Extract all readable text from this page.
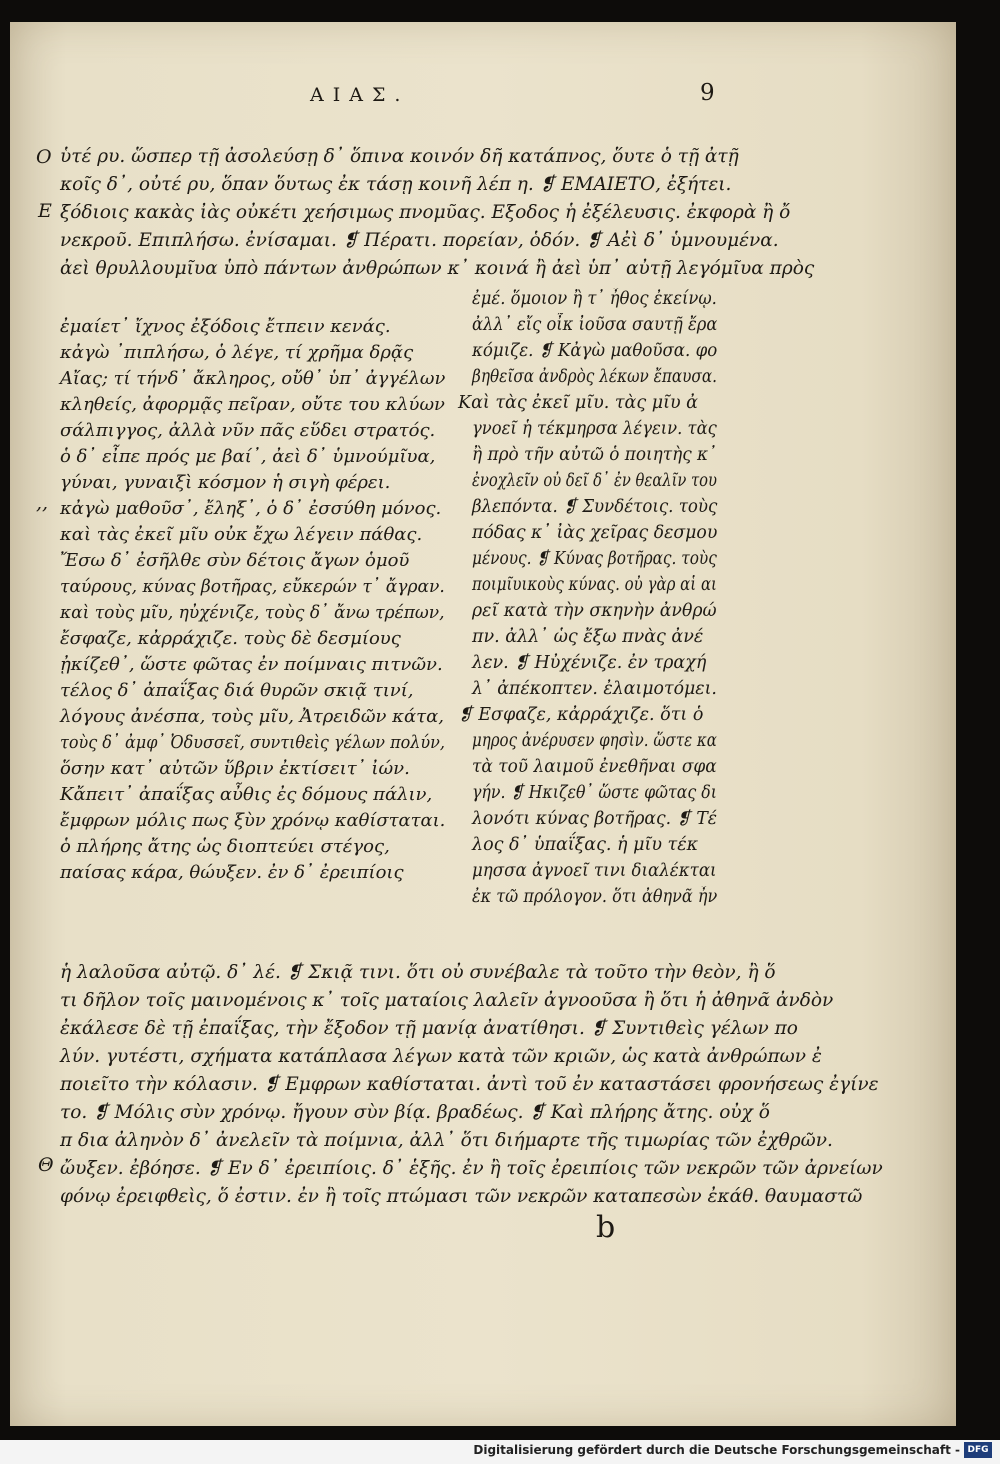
ΑΙΑΣ.	9
Ο
Ε
,,
Θ
ὑτέ ρυ. ὥσπερ τῇ ἀσολεύσῃ δ᾽ ὅπινα κοινόν δῆ κατάπνος, ὅυτε ὁ τῇ ἀτῇ
κοῖς δ᾽, οὐτέ ρυ, ὅπαν ὅυτως ἐκ τάσῃ κοινῆ λέπ η. ❡ ΕΜΑΙΕΤΟ, ἐξήτει.
ξόδιοις κακὰς ἰὰς οὐκέτι χεήσιμως πνομῦας. Εξοδος ἡ ἐξέλευσις. ἐκφορὰ ἢ ὄ
νεκροῦ. Επιπλήσω. ἐνίσαμαι. ❡ Πέρατι. πορείαν, ὁδόν. ❡ Αἐὶ δ᾽ ὑμνουμένα.
ἀεὶ θρυλλουμῖυα ὑπὸ πάντων ἀνθρώπων κ᾽ κοινά ἢ ἀεὶ ὑπ᾽ αὐτῇ λεγόμῖυα πρὸς
ἐμαίετ᾽ ἴχνος ἐξόδοις ἔτπειν κενάς.
κἀγὼ ᾽πιπλήσω, ὁ λέγε, τί χρῆμα δρᾷς
Αἴας; τί τήνδ᾽ ἄκληρος, οὔθ᾽ ὑπ᾽ ἀγγέλων
κληθείς, ἀφορμᾷς πεῖραν, οὔτε του κλύων
σάλπιγγος, ἀλλὰ νῦν πᾶς εὕδει στρατός.
ὁ δ᾽ εἶπε πρός με βαί᾽, ἀεὶ δ᾽ ὑμνούμῖυα,
γύναι, γυναιξὶ κόσμον ἡ σιγὴ φέρει.
κἀγὼ μαθοῦσ᾽, ἔληξ᾽, ὁ δ᾽ ἐσσύθη μόνος.
καὶ τὰς ἐκεῖ μῖυ οὐκ ἔχω λέγειν πάθας.
Ἔσω δ᾽ ἐσῆλθε σὺν δέτοις ἄγων ὁμοῦ
ταύρους, κύνας βοτῆρας, εὔκερών τ᾽ ἄγραν.
καὶ τοὺς μῖυ, ηὐχένιζε, τοὺς δ᾽ ἄνω τρέπων,
ἔσφαζε, κἀρράχιζε. τοὺς δὲ δεσμίους
ᾐκίζεθ᾽, ὥστε φῶτας ἐν ποίμναις πιτνῶν.
τέλος δ᾽ ἀπαΐξας διά θυρῶν σκιᾷ τινί,
λόγους ἀνέσπα, τοὺς μῖυ, Ἀτρειδῶν κάτα,
τοὺς δ᾽ ἀμφ᾽ Ὀδυσσεῖ, συντιθεὶς γέλων πολύν,
ὅσην κατ᾽ αὐτῶν ὕβριν ἐκτίσειτ᾽ ἰών.
Κἄπειτ᾽ ἀπαΐξας αὖθις ἐς δόμους πάλιν,
ἔμφρων μόλις πως ξὺν χρόνῳ καθίσταται.
ὁ πλήρης ἄτης ὡς διοπτεύει στέγος,
παίσας κάρα, θώυξεν. ἐν δ᾽ ἐρειπίοις
ἐμέ. ὅμοιον ἢ τ᾽ ἦθος ἐκείνῳ.
ἀλλ᾽ εἴς οἶκ ἰοῦσα σαυτῇ ἔρα
κόμιζε. ❡ Κἀγὼ μαθοῦσα. φο
βηθεῖσα ἀνδρὸς λέκων ἔπαυσα.
Καὶ τὰς ἐκεῖ μῖυ. τὰς μῖυ ἀ
γνοεῖ ἡ τέκμηρσα λέγειν. τὰς
ἢ πρὸ τῆν αὐτῶ ὁ ποιητὴς κ᾽
ἐνοχλεῖν οὐ δεῖ δ᾽ ἐν θεαλῖν του
βλεπόντα. ❡ Συνδέτοις. τοὺς
πόδας κ᾽ ἰὰς χεῖρας δεσμου
μένους. ❡ Κύνας βοτῆρας. τοὺς
ποιμῖυικοὺς κύνας. οὐ γὰρ αἱ αι
ρεῖ κατὰ τὴν σκηνὴν ἀνθρώ
πν. ἀλλ᾽ ὡς ἔξω πνὰς ἀνέ
λεν. ❡ Ηὐχένιζε. ἐν τραχή
λ᾽ ἀπέκοπτεν. ἐλαιμοτόμει.
❡ Εσφαζε, κἀρράχιζε. ὅτι ὁ
μηρος ἀνέρυσεν φησὶν. ὥστε κα
τὰ τοῦ λαιμοῦ ἐνεθῆναι σφα
γήν. ❡ Ηκιζεθ᾽ ὥστε φῶτας δι
λονότι κύνας βοτῆρας. ❡ Τέ
λος δ᾽ ὑπαΐξας. ἡ μῖυ τέκ
μησσα ἀγνοεῖ τινι διαλέκται
ἐκ τῶ πρόλογον. ὅτι ἀθηνᾶ ἦν
ἡ λαλοῦσα αὐτῷ. δ᾽ λέ. ❡ Σκιᾷ τινι. ὅτι οὐ συνέβαλε τὰ τοῦτο τὴν θεὸν, ἢ ὅ
τι δῆλον τοῖς μαινομένοις κ᾽ τοῖς ματαίοις λαλεῖν ἀγνοοῦσα ἢ ὅτι ἡ ἀθηνᾶ ἀνδὸν
ἐκάλεσε δὲ τῇ ἐπαΐξας, τὴν ἔξοδον τῇ μανίᾳ ἀνατίθησι. ❡ Συντιθεὶς γέλων πο
λύν. γυτέστι, σχήματα κατάπλασα λέγων κατὰ τῶν κριῶν, ὡς κατὰ ἀνθρώπων ἐ
ποιεῖτο τὴν κόλασιν. ❡ Εμφρων καθίσταται. ἀντὶ τοῦ ἐν καταστάσει φρονήσεως ἐγίνε
το. ❡ Μόλις σὺν χρόνῳ. ἤγουν σὺν βίᾳ. βραδέως. ❡ Καὶ πλήρης ἄτης. οὐχ ὅ
π δια ἀληνὸν δ᾽ ἀνελεῖν τὰ ποίμνια, ἀλλ᾽ ὅτι διήμαρτε τῆς τιμωρίας τῶν ἐχθρῶν.
ὤυξεν. ἐβόησε. ❡ Εν δ᾽ ἐρειπίοις. δ᾽ ἑξῆς. ἐν ἢ τοῖς ἐρειπίοις τῶν νεκρῶν τῶν ἀρνείων
φόνῳ ἐρειφθεὶς, ὅ ἐστιν. ἐν ἢ τοῖς πτώμασι τῶν νεκρῶν καταπεσὼν ἐκάθ. θαυμαστῶ
b
Digitalisierung gefördert durch die Deutsche Forschungsgemeinschaft - DFG
